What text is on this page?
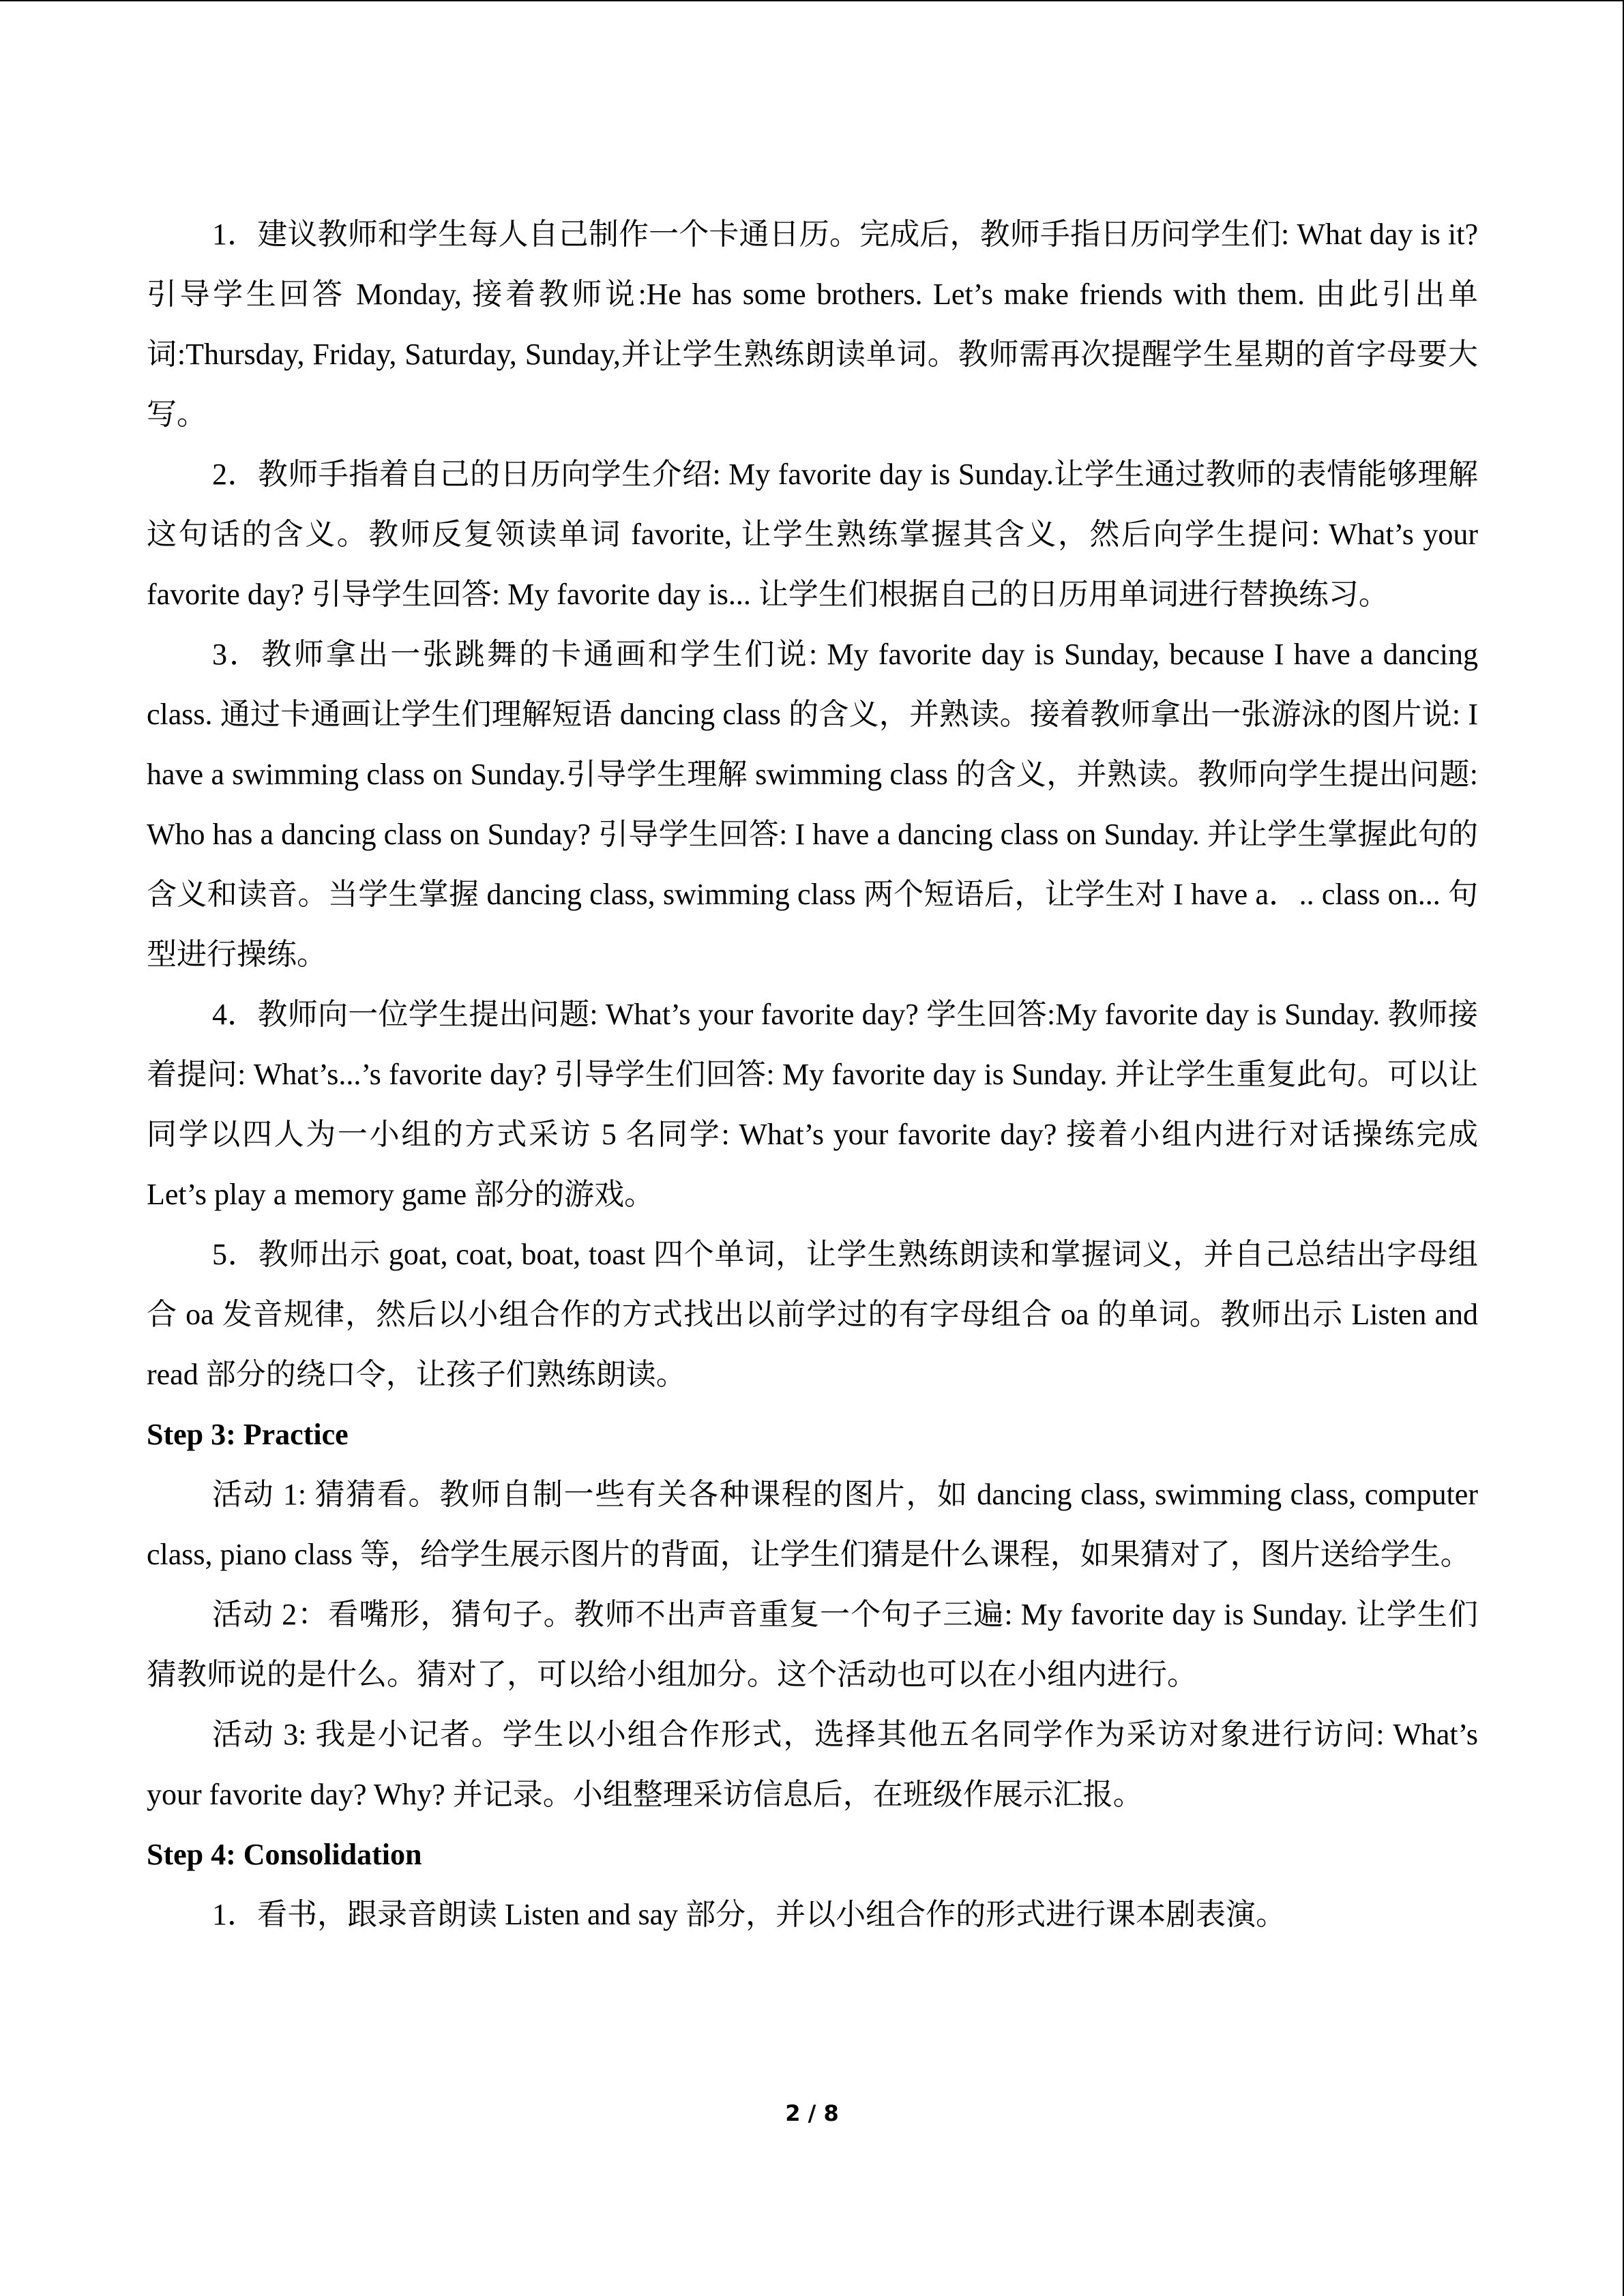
1．建议教师和学生每人自己制作一个卡通日历。完成后，教师手指日历问学生们: What day is it? 引导学生回答 Monday, 接着教师说:He has some brothers. Let’s make friends with them. 由此引出单词:Thursday, Friday, Saturday, Sunday,并让学生熟练朗读单词。教师需再次提醒学生星期的首字母要大写。

2．教师手指着自己的日历向学生介绍: My favorite day is Sunday.让学生通过教师的表情能够理解这句话的含义。教师反复领读单词 favorite, 让学生熟练掌握其含义，然后向学生提问: What’s your favorite day? 引导学生回答: My favorite day is... 让学生们根据自己的日历用单词进行替换练习。

3．教师拿出一张跳舞的卡通画和学生们说: My favorite day is Sunday, because I have a dancing class. 通过卡通画让学生们理解短语 dancing class 的含义，并熟读。接着教师拿出一张游泳的图片说: I have a swimming class on Sunday.引导学生理解 swimming class 的含义，并熟读。教师向学生提出问题: Who has a dancing class on Sunday? 引导学生回答: I have a dancing class on Sunday. 并让学生掌握此句的含义和读音。当学生掌握 dancing class, swimming class 两个短语后，让学生对 I have a．.. class on... 句型进行操练。

4．教师向一位学生提出问题: What’s your favorite day? 学生回答:My favorite day is Sunday. 教师接着提问: What’s...’s favorite day? 引导学生们回答: My favorite day is Sunday. 并让学生重复此句。可以让同学以四人为一小组的方式采访 5 名同学: What’s your favorite day? 接着小组内进行对话操练完成 Let’s play a memory game 部分的游戏。

5．教师出示 goat, coat, boat, toast 四个单词，让学生熟练朗读和掌握词义，并自己总结出字母组合 oa 发音规律，然后以小组合作的方式找出以前学过的有字母组合 oa 的单词。教师出示 Listen and read 部分的绕口令，让孩子们熟练朗读。

Step 3: Practice

活动 1: 猜猜看。教师自制一些有关各种课程的图片，如 dancing class, swimming class, computer class, piano class 等，给学生展示图片的背面，让学生们猜是什么课程，如果猜对了，图片送给学生。

活动 2：看嘴形，猜句子。教师不出声音重复一个句子三遍: My favorite day is Sunday. 让学生们猜教师说的是什么。猜对了，可以给小组加分。这个活动也可以在小组内进行。

活动 3: 我是小记者。学生以小组合作形式，选择其他五名同学作为采访对象进行访问: What’s your favorite day? Why? 并记录。小组整理采访信息后，在班级作展示汇报。

Step 4: Consolidation

1．看书，跟录音朗读 Listen and say 部分，并以小组合作的形式进行课本剧表演。

2 / 8
